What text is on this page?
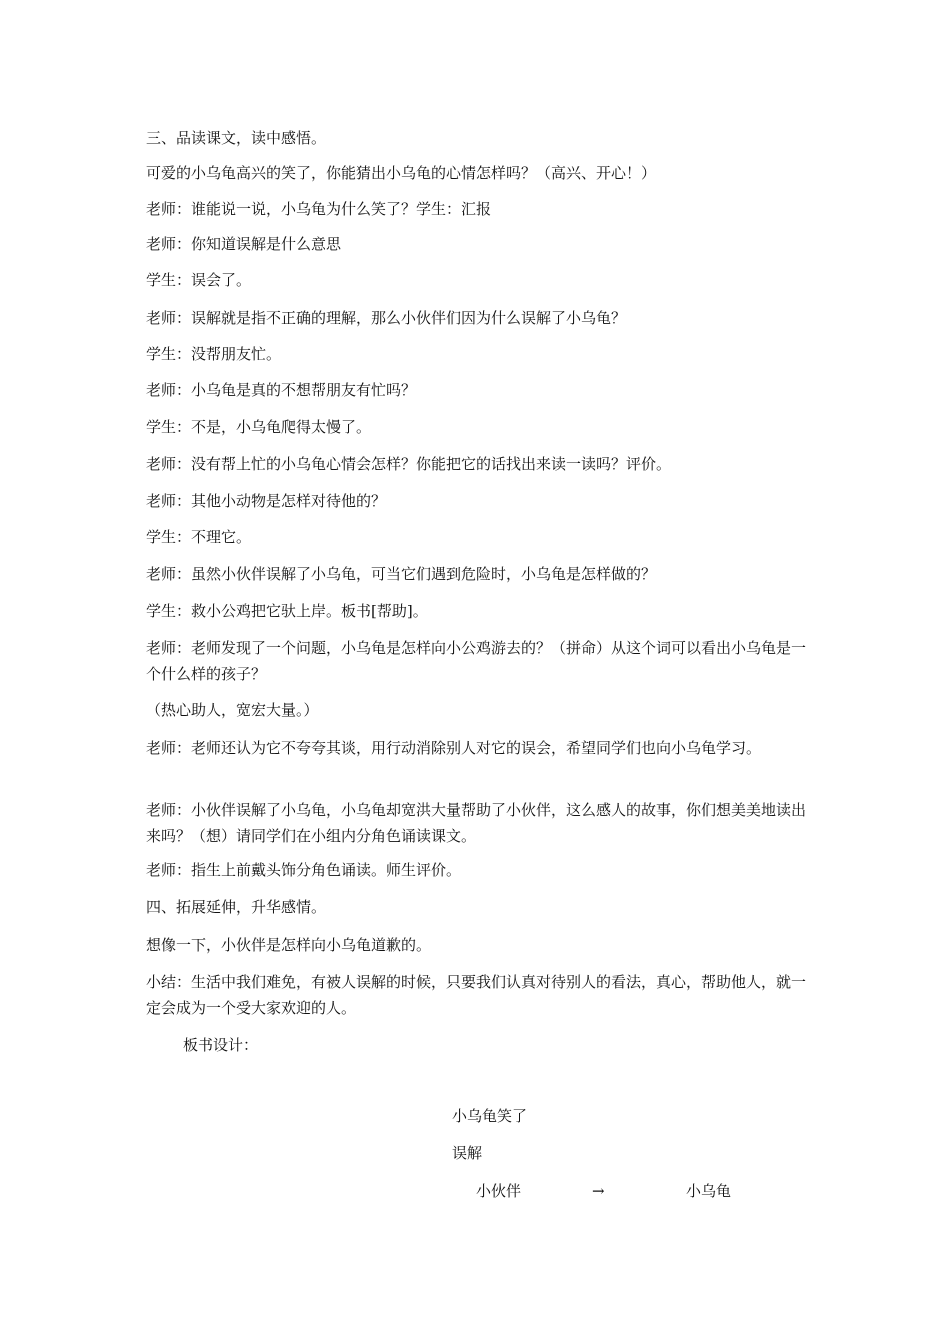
三、品读课文，读中感悟。
可爱的小乌龟高兴的笑了，你能猜出小乌龟的心情怎样吗？（高兴、开心！）
老师：谁能说一说，小乌龟为什么笑了？学生：汇报
老师：你知道误解是什么意思
学生：误会了。
老师：误解就是指不正确的理解，那么小伙伴们因为什么误解了小乌龟？
学生：没帮朋友忙。
老师：小乌龟是真的不想帮朋友有忙吗？
学生：不是，小乌龟爬得太慢了。
老师：没有帮上忙的小乌龟心情会怎样？你能把它的话找出来读一读吗？评价。
老师：其他小动物是怎样对待他的？
学生：不理它。
老师：虽然小伙伴误解了小乌龟，可当它们遇到危险时，小乌龟是怎样做的？
学生：救小公鸡把它驮上岸。板书[帮助]。
老师：老师发现了一个问题，小乌龟是怎样向小公鸡游去的？（拼命）从这个词可以看出小乌龟是一个什么样的孩子？
（热心助人，宽宏大量。）
老师：老师还认为它不夸夸其谈，用行动消除别人对它的误会，希望同学们也向小乌龟学习。
老师：小伙伴误解了小乌龟，小乌龟却宽洪大量帮助了小伙伴，这么感人的故事，你们想美美地读出来吗？（想）请同学们在小组内分角色诵读课文。
老师：指生上前戴头饰分角色诵读。师生评价。
四、拓展延伸，升华感情。
想像一下，小伙伴是怎样向小乌龟道歉的。
小结：生活中我们难免，有被人误解的时候，只要我们认真对待别人的看法，真心，帮助他人，就一定会成为一个受大家欢迎的人。
板书设计：
小乌龟笑了
误解
小伙伴	→	小乌龟
